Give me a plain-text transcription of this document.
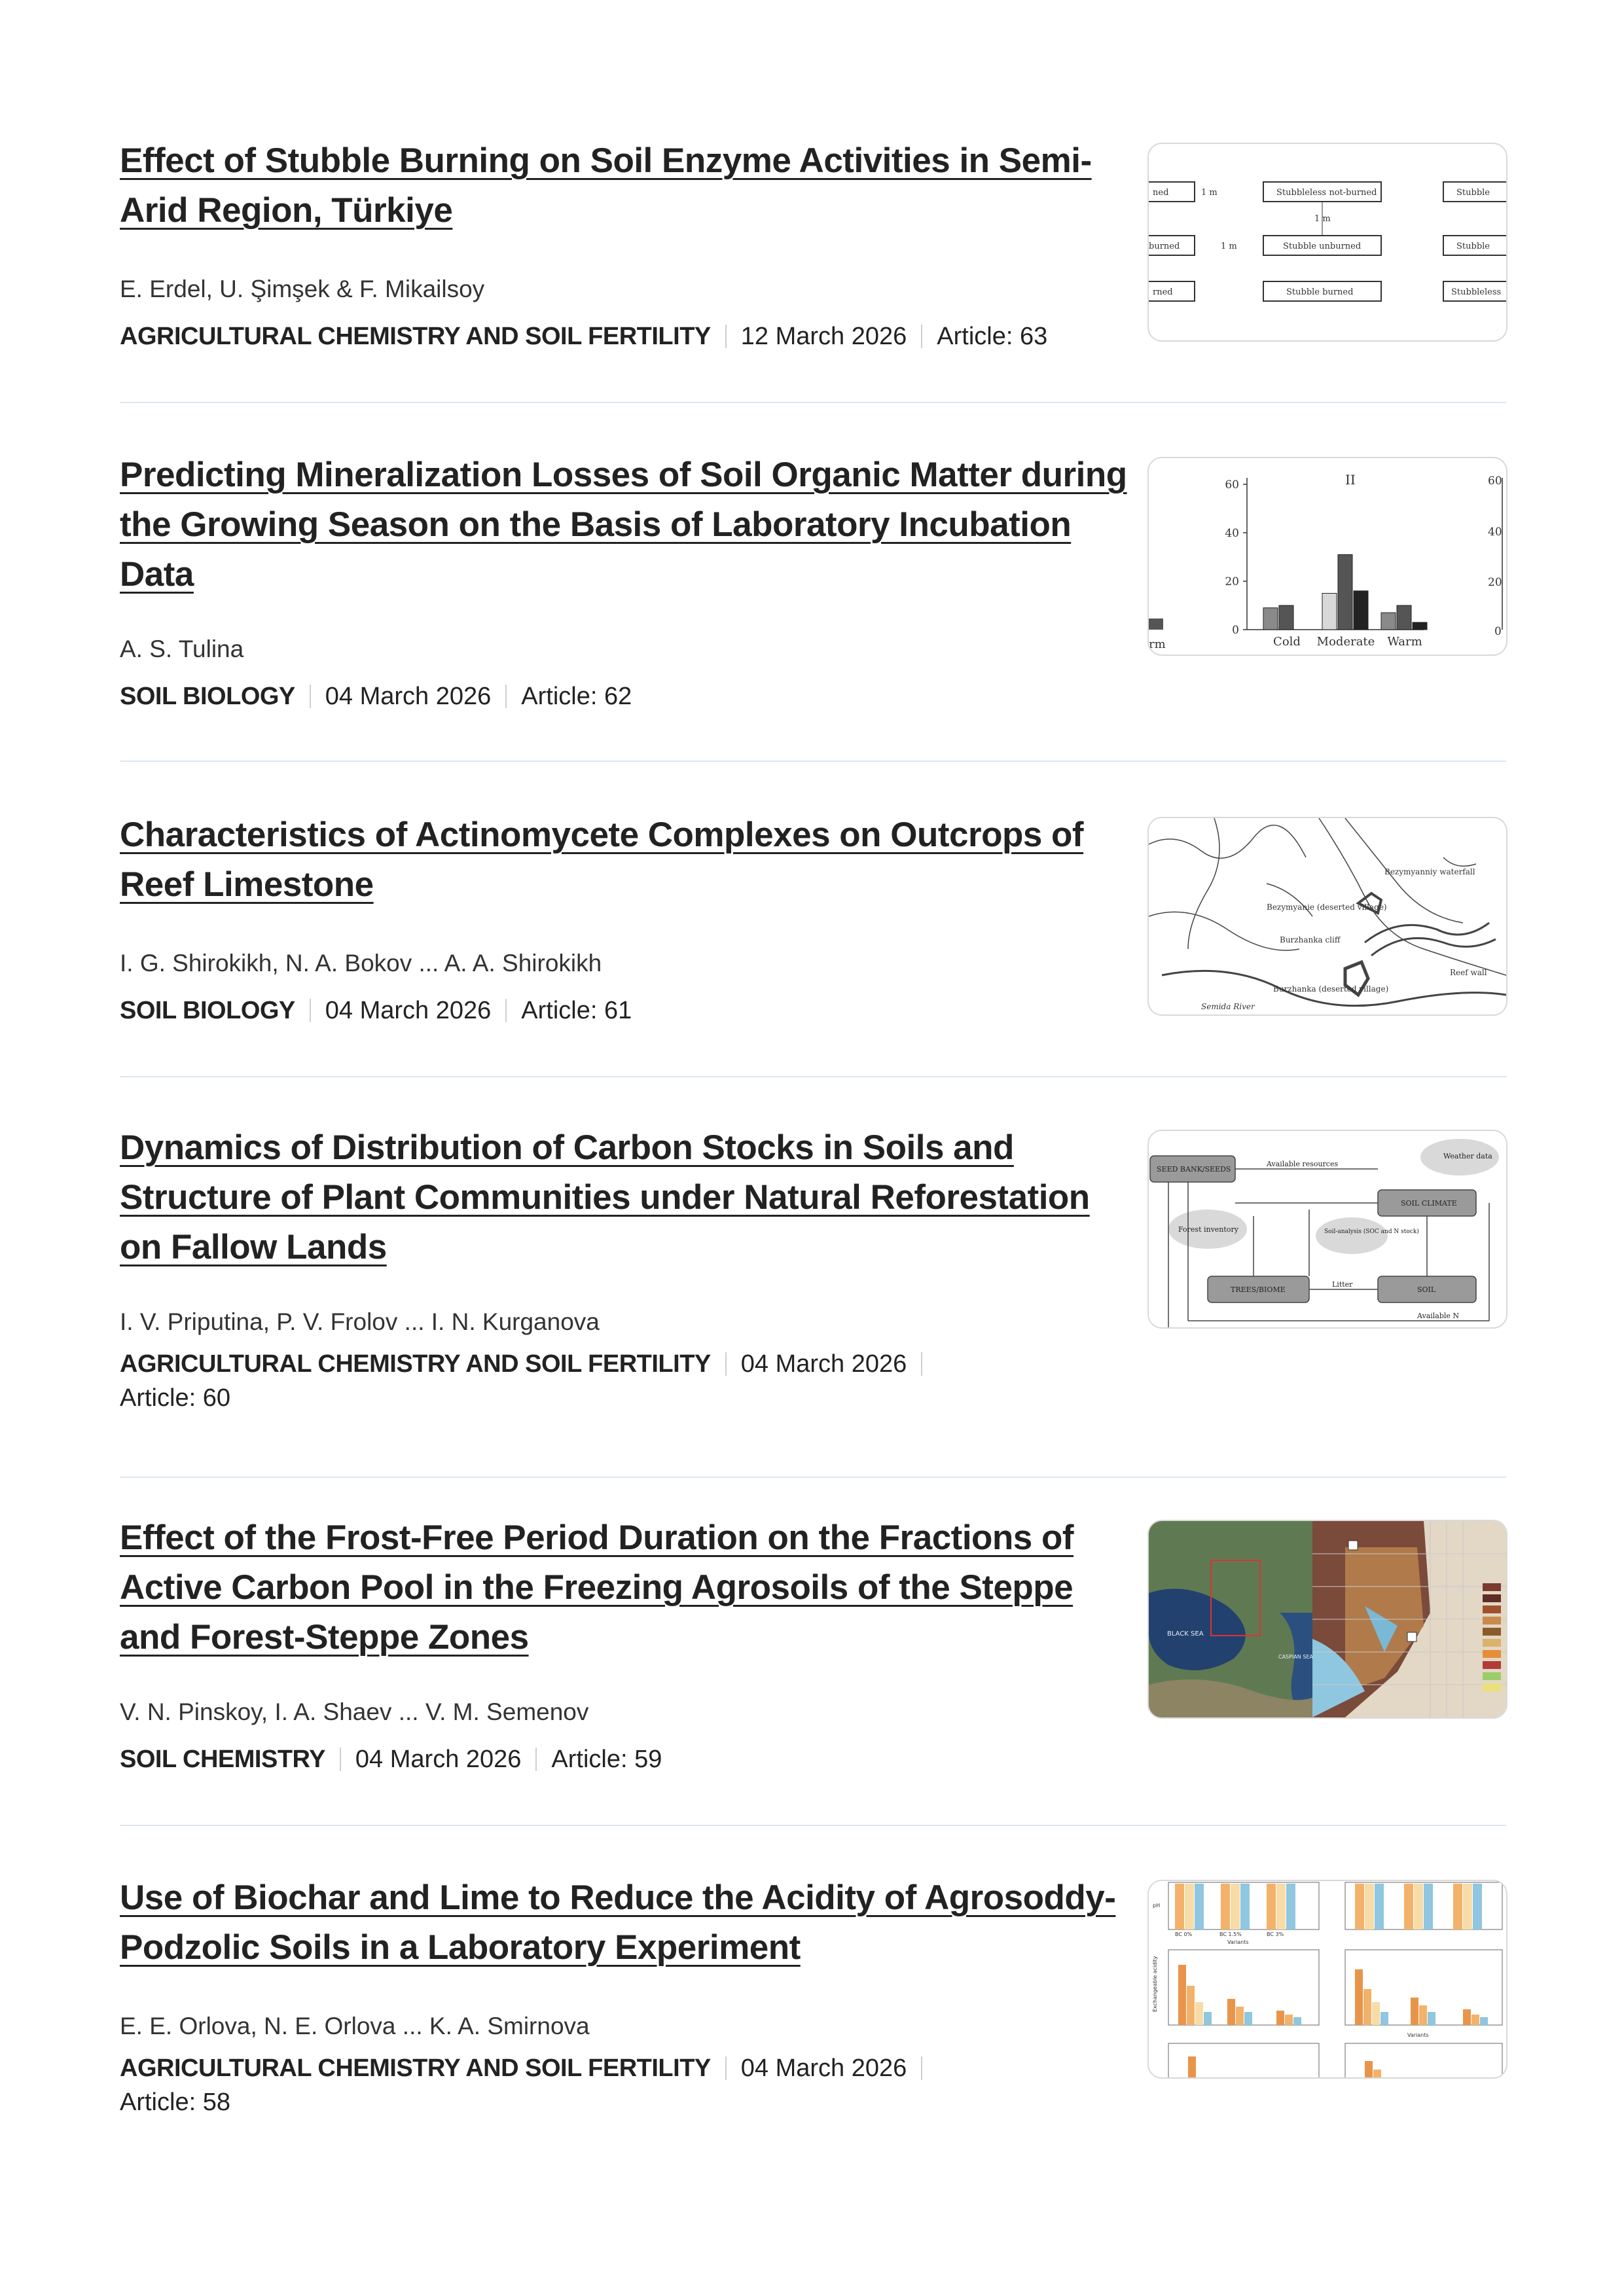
Effect of Stubble Burning on Soil Enzyme Activities in Semi-Arid Region, Türkiye
E. Erdel, U. Şimşek & F. Mikailsoy
AGRICULTURAL CHEMISTRY AND SOIL FERTILITY 12 March 2026 Article: 63
ned	Stubbleless not-burned	Stubble
1 m
1 m
burned	Stubble unburned	Stubble
1 m
rned	Stubble burned	Stubbleless
Predicting Mineralization Losses of Soil Organic Matter during the Growing Season on the Basis of Laboratory Incubation Data
A. S. Tulina
SOIL BIOLOGY 04 March 2026 Article: 62
0
20
40
60
Cold Moderate Warm
II
rm
60
40
20
0
Characteristics of Actinomycete Complexes on Outcrops of Reef Limestone
I. G. Shirokikh, N. A. Bokov ... A. A. Shirokikh
SOIL BIOLOGY 04 March 2026 Article: 61
Bezymyanniy waterfall
Bezymyanie (deserted village)
Burzhanka cliff
Burzhanka (deserted village)
Reef wall
Semida River
Dynamics of Distribution of Carbon Stocks in Soils and Structure of Plant Communities under Natural Reforestation on Fallow Lands
I. V. Priputina, P. V. Frolov ... I. N. Kurganova
AGRICULTURAL CHEMISTRY AND SOIL FERTILITY 04 March 2026
Article: 60
SEED BANK/SEEDS
Weather data
SOIL CLIMATE
Available resources
Forest inventory	Soil-analysis (SOC and N stock)
TREES/BIOME
Litter
SOIL
Available N
Effect of the Frost-Free Period Duration on the Fractions of Active Carbon Pool in the Freezing Agrosoils of the Steppe and Forest-Steppe Zones
V. N. Pinskoy, I. A. Shaev ... V. M. Semenov
SOIL CHEMISTRY 04 March 2026 Article: 59
BLACK SEA
CASPIAN SEA
Use of Biochar and Lime to Reduce the Acidity of Agrosoddy-Podzolic Soils in a Laboratory Experiment
E. E. Orlova, N. E. Orlova ... K. A. Smirnova
AGRICULTURAL CHEMISTRY AND SOIL FERTILITY 04 March 2026
Article: 58
pH
Variants
Exchangeable acidity
Variants
BC 0%	BC 1.5%	BC 3%
